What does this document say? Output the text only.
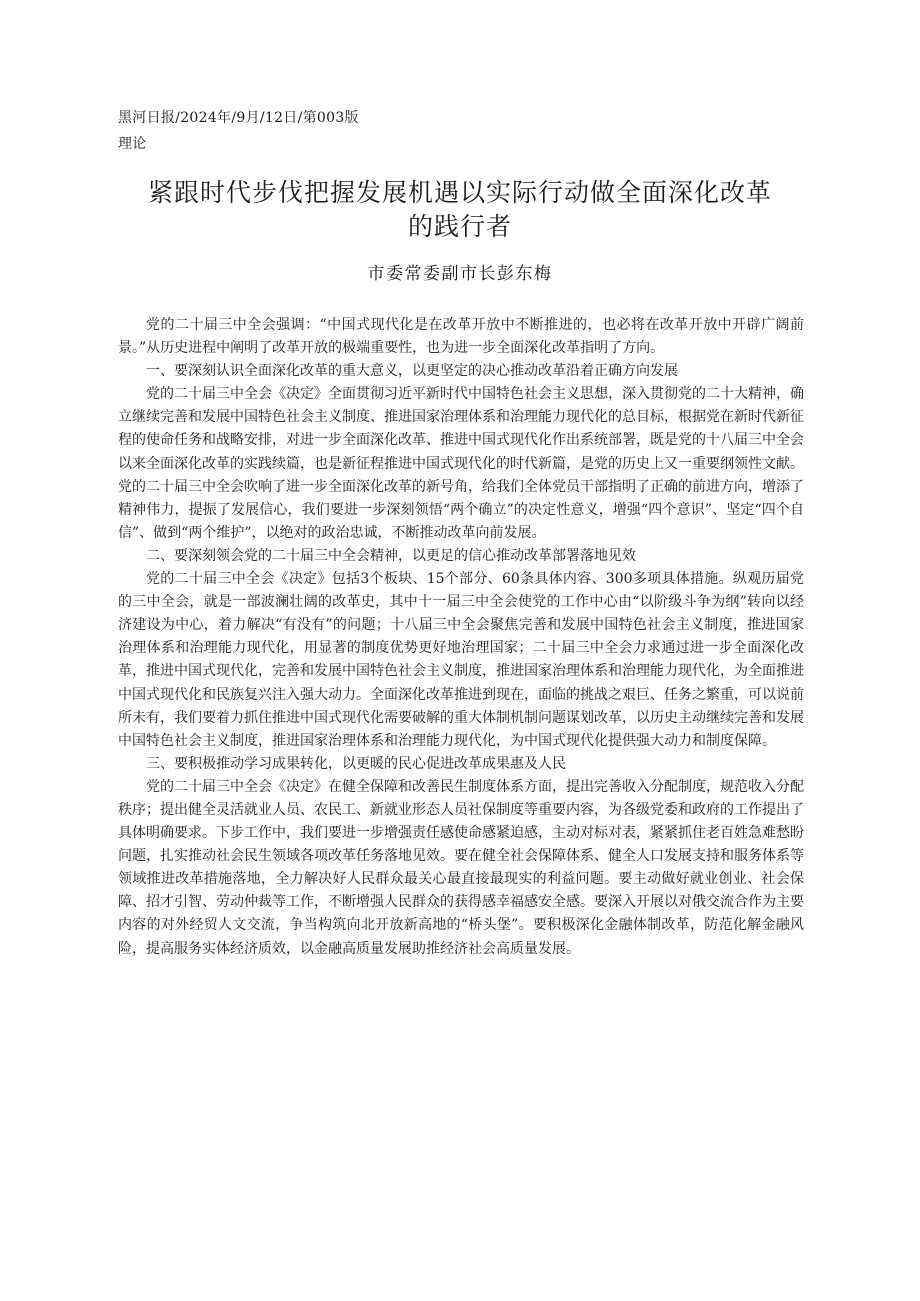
黑河日报/2024年/9月/12日/第003版
理论
紧跟时代步伐把握发展机遇以实际行动做全面深化改革
的践行者
市委常委副市长彭东梅

党的二十届三中全会强调：“中国式现代化是在改革开放中不断推进的，也必将在改革开放中开辟广阔前景。”从历史进程中阐明了改革开放的极端重要性，也为进一步全面深化改革指明了方向。

一、要深刻认识全面深化改革的重大意义，以更坚定的决心推动改革沿着正确方向发展

党的二十届三中全会《决定》全面贯彻习近平新时代中国特色社会主义思想，深入贯彻党的二十大精神，确立继续完善和发展中国特色社会主义制度、推进国家治理体系和治理能力现代化的总目标，根据党在新时代新征程的使命任务和战略安排，对进一步全面深化改革、推进中国式现代化作出系统部署，既是党的十八届三中全会以来全面深化改革的实践续篇，也是新征程推进中国式现代化的时代新篇，是党的历史上又一重要纲领性文献。党的二十届三中全会吹响了进一步全面深化改革的新号角，给我们全体党员干部指明了正确的前进方向，增添了精神伟力，提振了发展信心，我们要进一步深刻领悟“两个确立”的决定性意义，增强“四个意识”、坚定“四个自信”、做到“两个维护”，以绝对的政治忠诚，不断推动改革向前发展。

二、要深刻领会党的二十届三中全会精神，以更足的信心推动改革部署落地见效

党的二十届三中全会《决定》包括3个板块、15个部分、60条具体内容、300多项具体措施。纵观历届党的三中全会，就是一部波澜壮阔的改革史，其中十一届三中全会使党的工作中心由“以阶级斗争为纲”转向以经济建设为中心，着力解决“有没有”的问题；十八届三中全会聚焦完善和发展中国特色社会主义制度，推进国家治理体系和治理能力现代化，用显著的制度优势更好地治理国家；二十届三中全会力求通过进一步全面深化改革，推进中国式现代化，完善和发展中国特色社会主义制度，推进国家治理体系和治理能力现代化，为全面推进中国式现代化和民族复兴注入强大动力。全面深化改革推进到现在，面临的挑战之艰巨、任务之繁重，可以说前所未有，我们要着力抓住推进中国式现代化需要破解的重大体制机制问题谋划改革，以历史主动继续完善和发展中国特色社会主义制度，推进国家治理体系和治理能力现代化，为中国式现代化提供强大动力和制度保障。

三、要积极推动学习成果转化，以更暖的民心促进改革成果惠及人民

党的二十届三中全会《决定》在健全保障和改善民生制度体系方面，提出完善收入分配制度，规范收入分配秩序；提出健全灵活就业人员、农民工、新就业形态人员社保制度等重要内容，为各级党委和政府的工作提出了具体明确要求。下步工作中，我们要进一步增强责任感使命感紧迫感，主动对标对表，紧紧抓住老百姓急难愁盼问题，扎实推动社会民生领域各项改革任务落地见效。要在健全社会保障体系、健全人口发展支持和服务体系等领域推进改革措施落地，全力解决好人民群众最关心最直接最现实的利益问题。要主动做好就业创业、社会保障、招才引智、劳动仲裁等工作，不断增强人民群众的获得感幸福感安全感。要深入开展以对俄交流合作为主要内容的对外经贸人文交流，争当构筑向北开放新高地的“桥头堡”。要积极深化金融体制改革，防范化解金融风险，提高服务实体经济质效，以金融高质量发展助推经济社会高质量发展。
